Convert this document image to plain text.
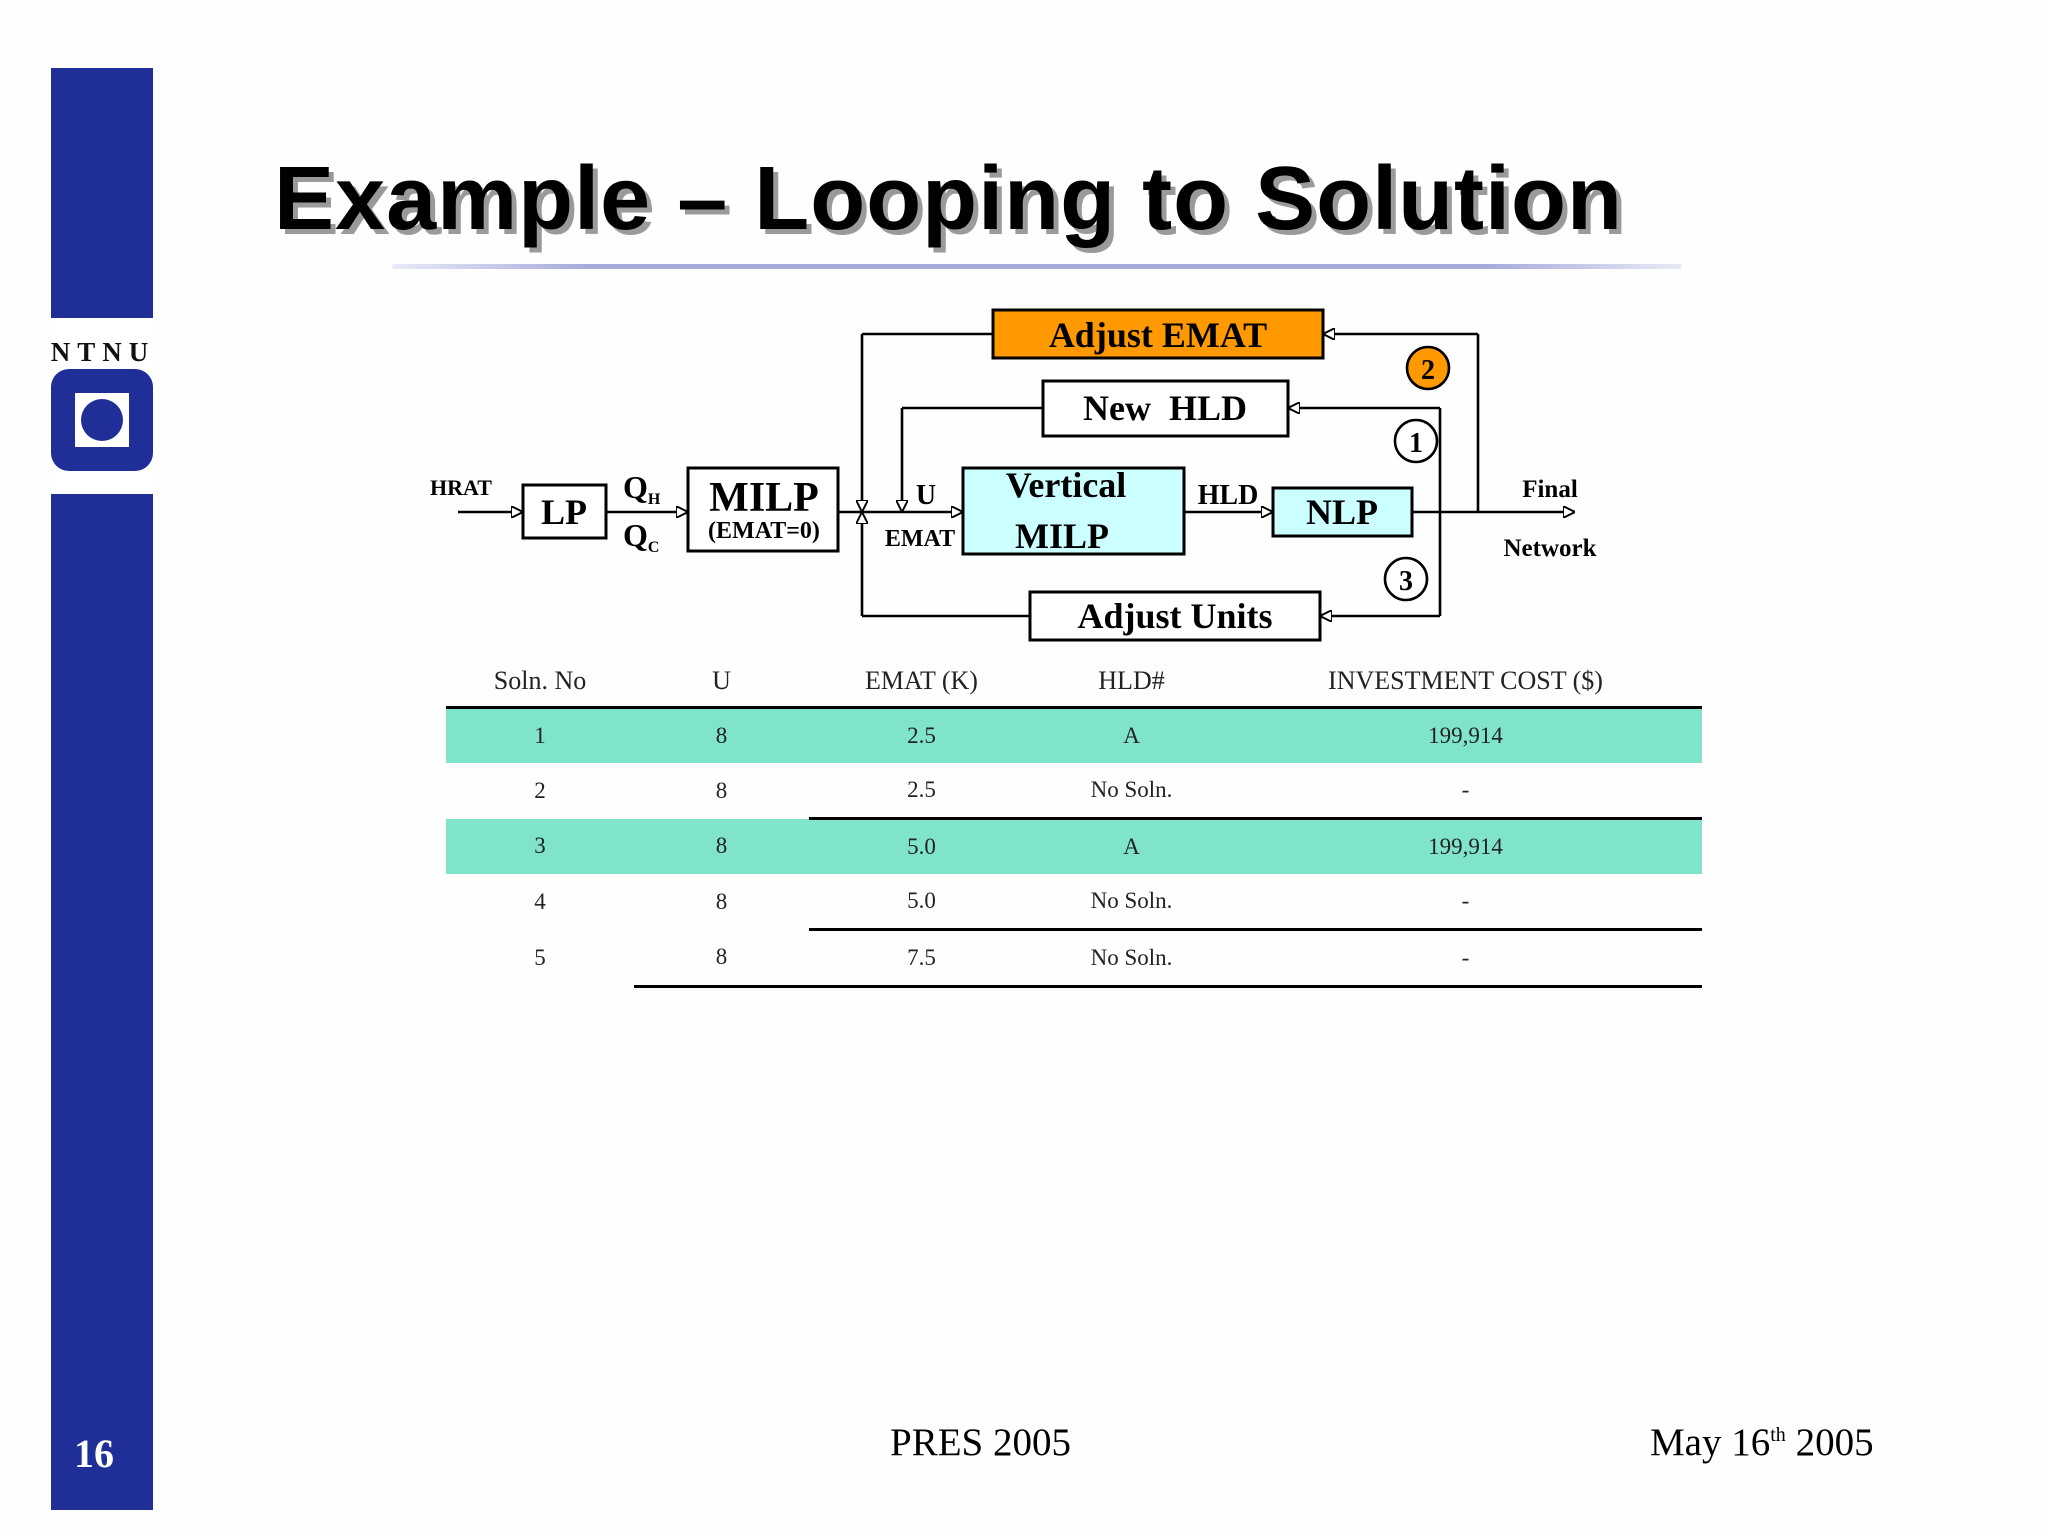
NTNU
16
Example – Looping to Solution
LP
HRAT	QH
QC
MILP
(EMAT=0)
U
EMAT
Vertical
MILP
HLD NLP
Final
Network
Adjust EMAT
New  HLD
Adjust Units
2
1
3
Soln. No	U	EMAT (K)	HLD#	INVESTMENT COST ($)
1	8	2.5	A	199,914
2	8	2.5	No Soln.	-
3	8	5.0	A	199,914
4	8	5.0	No Soln.	-
5	8	7.5	No Soln.	-
PRES 2005	May 16th 2005
